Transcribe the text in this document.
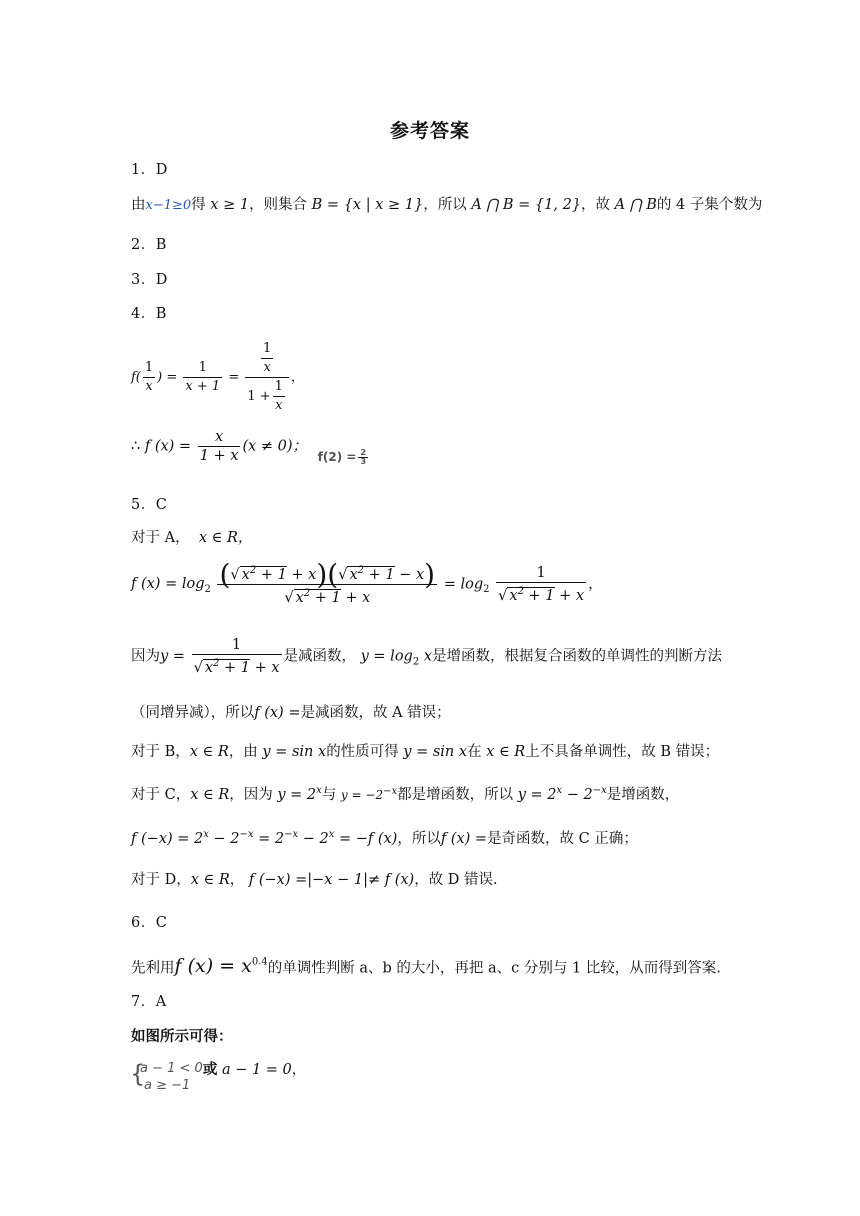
参考答案
1．D
由x−1≥0得 x ≥ 1，则集合 B = {x | x ≥ 1}，所以 A ⋂ B = {1, 2}，故 A ⋂ B的 4 子集个数为
2．B
3．D
4．B
$f( \frac{1}{x}$ ) = $\frac{1}{x + 1} = \frac{\frac{1}{x}}{1 + \frac{1}{x}}$ ，
∴ f $(x) = \frac{x}{1 + x} (x \ne 0)$； $_{f(2) = \frac{2}{3}}$
5．C
对于 A， x ∈ R，
f $(x) = \log_2 \frac{(√ x^2 + 1 + x)(√ x^2 + 1 - x)}{√ x^2 + 1 + x} = \log_2 \frac{1}{√ x^2 + 1 + x}$ ，
因为$y = \frac{1}{√ x^2 + 1 + x}$ 是减函数， $y = \log_2 x$是增函数，根据复合函数的单调性的判断方法
（同增异减），所以f (x) =是减函数，故 A 错误；
对于 B，x ∈ R，由 y = sin x的性质可得 y = sin x在 x ∈ R上不具备单调性，故 B 错误；
对于 C，x ∈ R，因为 $y = 2^x$与 $y = -2^{-x}$都是增函数，所以 $y = 2^x - 2^{-x}$是增函数，
f $(-x) = 2^x - 2^{-x} = 2^{-x} - 2^x = -f$ (x)，所以f (x) =是奇函数，故 C 正确；
对于 D，x ∈ R， f (−x) =|−x − 1|≠ f (x)，故 D 错误.
6．C
先利用f $(x) = x^{0.4}$的单调性判断 a、b 的大小，再把 a、c 分别与 1 比较，从而得到答案.
7．A
如图所示可得：
{
a − 1 < 0
a ≥ −1
或 a − 1 = 0，
